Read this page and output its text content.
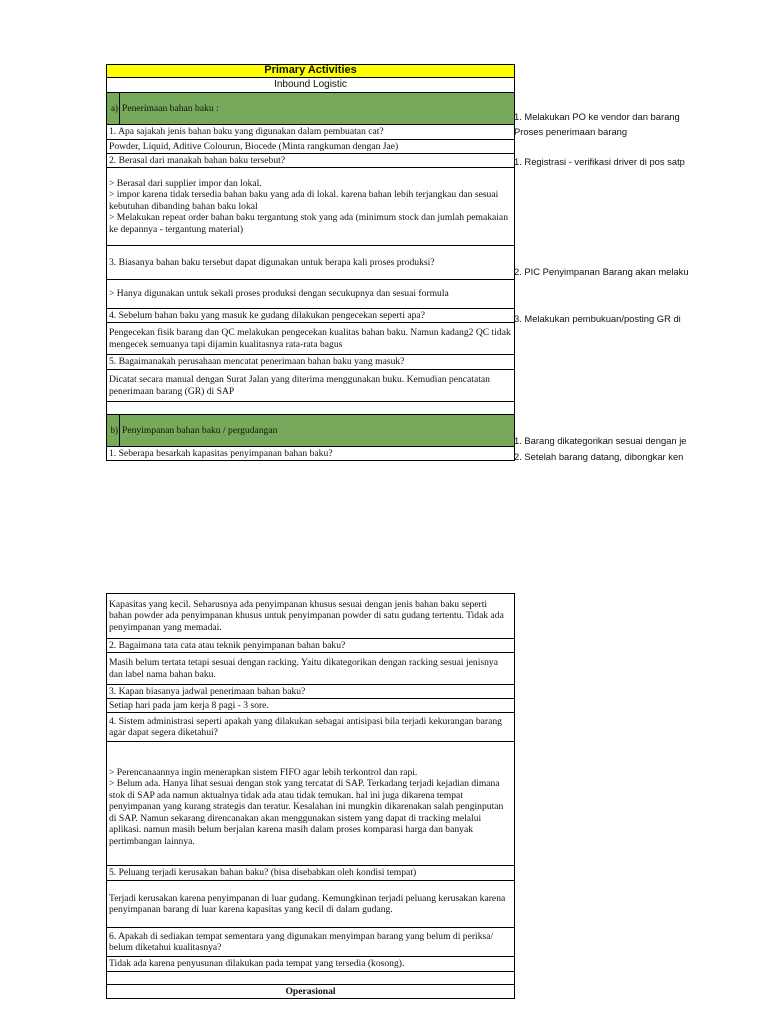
Primary Activities	
Inbound Logistic	
a)	Penerimaan bahan baku :
1. Apa sajakah jenis bahan baku yang digunakan dalam pembuatan cat?	
Powder, Liquid, Aditive Colourun, Biocede (Minta rangkuman dengan Jae)	
2. Berasal dari manakah bahan baku tersebut?	
> Berasal dari supplier impor dan lokal.
> impor karena tidak tersedia bahan baku yang ada di lokal. karena bahan lebih terjangkau dan sesuai kebutuhan dibanding bahan baku lokal
> Melakukan repeat order bahan baku tergantung stok yang ada (minimum stock dan jumlah pemakaian ke depannya - tergantung material)	
3. Biasanya bahan baku tersebut dapat digunakan untuk berapa kali proses produksi?	
> Hanya digunakan untuk sekali proses produksi dengan secukupnya dan sesuai formula	
4. Sebelum bahan baku yang masuk ke gudang dilakukan pengecekan seperti apa?	
Pengecekan fisik barang dan QC melakukan pengecekan kualitas bahan baku. Namun kadang2 QC tidak mengecek semuanya tapi dijamin kualitasnya rata-rata bagus	
5. Bagaimanakah perusahaan mencatat penerimaan bahan baku yang masuk?	
Dicatat secara manual dengan Surat Jalan yang diterima menggunakan buku. Kemudian pencatatan penerimaan barang (GR) di SAP	

b)	Penyimpanan bahan baku / pergudangan
1. Seberapa besarkah kapasitas penyimpanan bahan baku?	
1. Melakukan PO ke vendor dan barang
Proses penerimaan barang
1. Registrasi - verifikasi driver di pos satp
2. PIC Penyimpanan Barang akan melaku
3. Melakukan pembukuan/posting GR di
1. Barang dikategorikan sesuai dengan je
2. Setelah barang datang, dibongkar ken
Kapasitas yang kecil. Seharusnya ada penyimpanan khusus sesuai dengan jenis bahan baku seperti bahan powder ada penyimpanan khusus untuk penyimpanan powder di satu gudang tertentu. Tidak ada penyimpanan yang memadai.
2. Bagaimana tata cata atau teknik penyimpanan bahan baku?
Masih belum tertata tetapi sesuai dengan racking. Yaitu dikategorikan dengan racking sesuai jenisnya dan label nama bahan baku.
3. Kapan biasanya jadwal penerimaan bahan baku?
Setiap hari pada jam kerja 8 pagi - 3 sore.
4. Sistem administrasi seperti apakah yang dilakukan sebagai antisipasi bila terjadi kekurangan barang agar dapat segera diketahui?
> Perencanaannya ingin menerapkan sistem FIFO agar lebih terkontrol dan rapi.
> Belum ada. Hanya lihat sesuai dengan stok yang tercatat di SAP. Terkadang terjadi kejadian dimana stok di SAP ada namun aktualnya tidak ada atau tidak temukan. hal ini juga dikarena tempat penyimpanan yang kurang strategis dan teratur. Kesalahan ini mungkin dikarenakan salah penginputan di SAP. Namun sekarang direncanakan akan menggunakan sistem yang dapat di tracking melalui aplikasi. namun masih belum berjalan karena masih dalam proses komparasi harga dan banyak pertimbangan lainnya.
5. Peluang terjadi kerusakan bahan baku? (bisa disebabkan oleh kondisi tempat)
Terjadi kerusakan karena penyimpanan di luar gudang. Kemungkinan terjadi peluang kerusakan karena penyimpanan barang di luar karena kapasitas yang kecil di dalam gudang.
6. Apakah di sediakan tempat sementara yang digunakan menyimpan barang yang belum di periksa/ belum diketahui kualitasnya?
Tidak ada karena penyusunan dilakukan pada tempat yang tersedia (kosong).

Operasional
